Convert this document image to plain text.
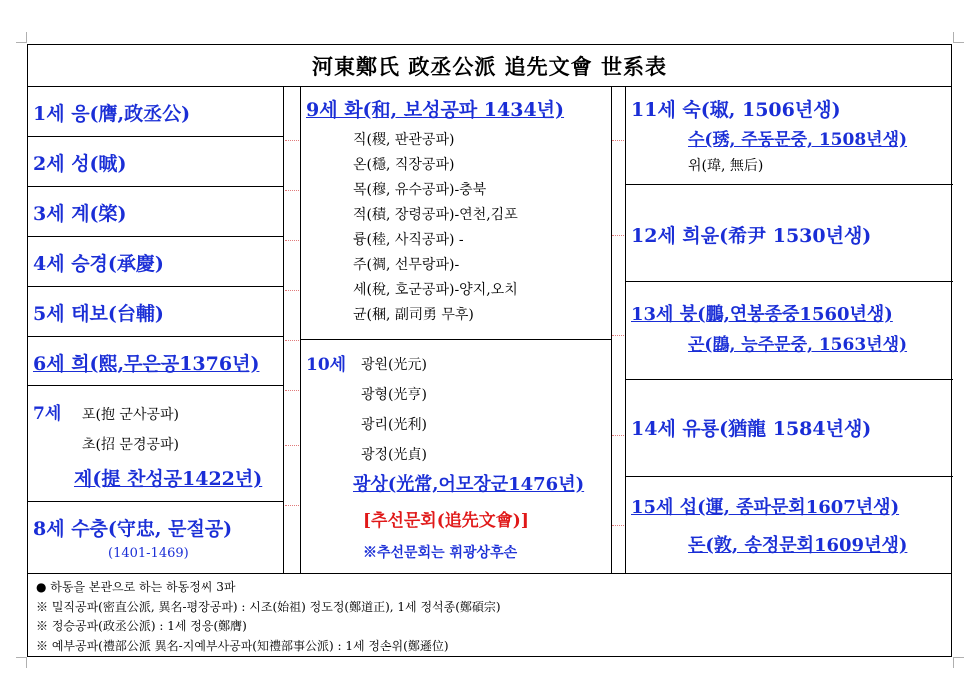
河東鄭氏 政丞公派 追先文會 世系表
1세 응(膺,政丞公)
2세 성(晠)
3세 계(棨)
4세 승경(承慶)
5세 태보(台輔)
6세 희(熙,무은공1376년)
7세 포(抱 군사공파)
초(招 문경공파)
제(提 찬성공1422년)
8세 수충(守忠, 문절공)
(1401-1469)
9세 화(和, 보성공파 1434년)
직(稷, 판관공파)
온(穩, 직장공파)
목(穆, 유수공파)-충북
적(積, 장령공파)-연천,김포
륭(稑, 사직공파) -
주(禂, 선무랑파)-
세(稅, 호군공파)-양지,오치
균(稛, 副司勇 무후)
10세 광원(光元)
광형(光亨)
광리(光利)
광정(光貞)
광상(光常,어모장군1476년)
[추선문회(追先文會)]
※추선문회는 휘광상후손
11세 숙(琡, 1506년생)
수(琇, 주동문중, 1508년생)
위(瑋, 無后)
12세 희윤(希尹 1530년생)
13세 붕(鵬,연봉종중1560년생)
곤(鵾, 능주문중, 1563년생)
14세 유룡(猶龍 1584년생)
15세 섭(運, 종파문회1607년생)
돈(敦, 송정문회1609년생)
● 하동을 본관으로 하는 하동정씨 3파
※ 밀직공파(密直公派, 異名-평장공파) : 시조(始祖) 정도정(鄭道正), 1세 정석종(鄭碩宗)
※ 정승공파(政丞公派) : 1세 정응(鄭膺)
※ 예부공파(禮部公派 異名-지예부사공파(知禮部事公派) : 1세 정손위(鄭遜位)
